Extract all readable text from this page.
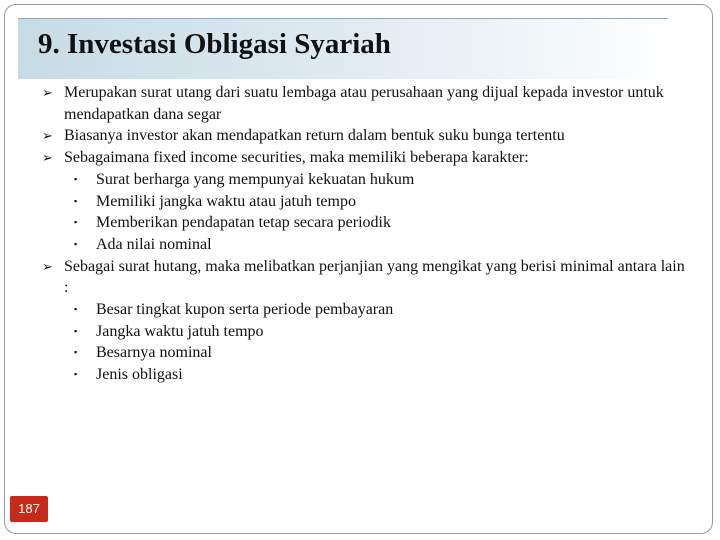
9. Investasi Obligasi Syariah
➢ Merupakan surat utang dari suatu lembaga atau perusahaan yang dijual kepada investor untuk mendapatkan dana segar
➢ Biasanya investor akan mendapatkan return dalam bentuk suku bunga tertentu
➢ Sebagaimana fixed income securities, maka memiliki beberapa karakter:
▪ Surat berharga yang mempunyai kekuatan hukum
▪ Memiliki jangka waktu atau jatuh tempo
▪ Memberikan pendapatan tetap secara periodik
▪ Ada nilai nominal
➢ Sebagai surat hutang, maka melibatkan perjanjian yang mengikat yang berisi minimal antara lain :
▪ Besar tingkat kupon serta periode pembayaran
▪ Jangka waktu jatuh tempo
▪ Besarnya nominal
▪ Jenis obligasi
187
